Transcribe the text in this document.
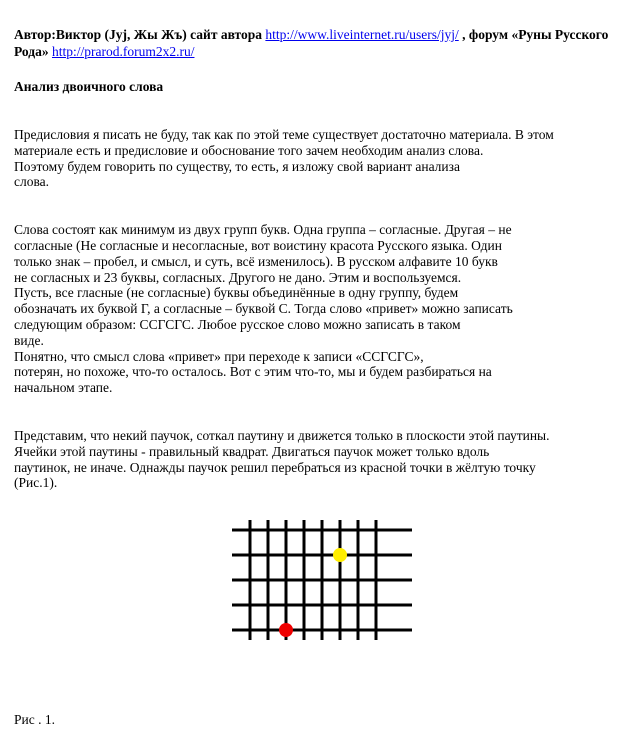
Автор:Виктор (Jyj, Жы Жъ) сайт автора http://www.liveinternet.ru/users/jyj/ , форум «Руны Русского Рода» http://prarod.forum2x2.ru/

Анализ двоичного слова

Предисловия я писать не буду, так как по этой теме существует достаточно материала. В этом
материале есть и предисловие и обоснование того зачем необходим анализ слова.
Поэтому будем говорить по существу, то есть, я изложу свой вариант анализа
слова.
Слова состоят как минимум из двух групп букв. Одна группа – согласные. Другая – не
согласные (Не согласные и несогласные, вот воистину красота Русского языка. Один
только знак – пробел, и смысл, и суть, всё изменилось). В русском алфавите 10 букв
не согласных и 23 буквы, согласных. Другого не дано. Этим и воспользуемся.
Пусть, все гласные (не согласные) буквы объединённые в одну группу, будем
обозначать их буквой Г, а согласные – буквой С. Тогда слово «привет» можно записать
следующим образом: ССГСГС. Любое русское слово можно записать в таком
виде.
Понятно, что смысл слова «привет» при переходе к записи «ССГСГС»,
потерян, но похоже, что-то осталось. Вот с этим что-то, мы и будем разбираться на
начальном этапе.
Представим, что некий паучок, соткал паутину и движется только в плоскости этой паутины.
Ячейки этой паутины - правильный квадрат. Двигаться паучок может только вдоль
паутинок, не иначе. Однажды паучок решил перебраться из красной точки в жёлтую точку
(Рис.1).
Рис . 1.
